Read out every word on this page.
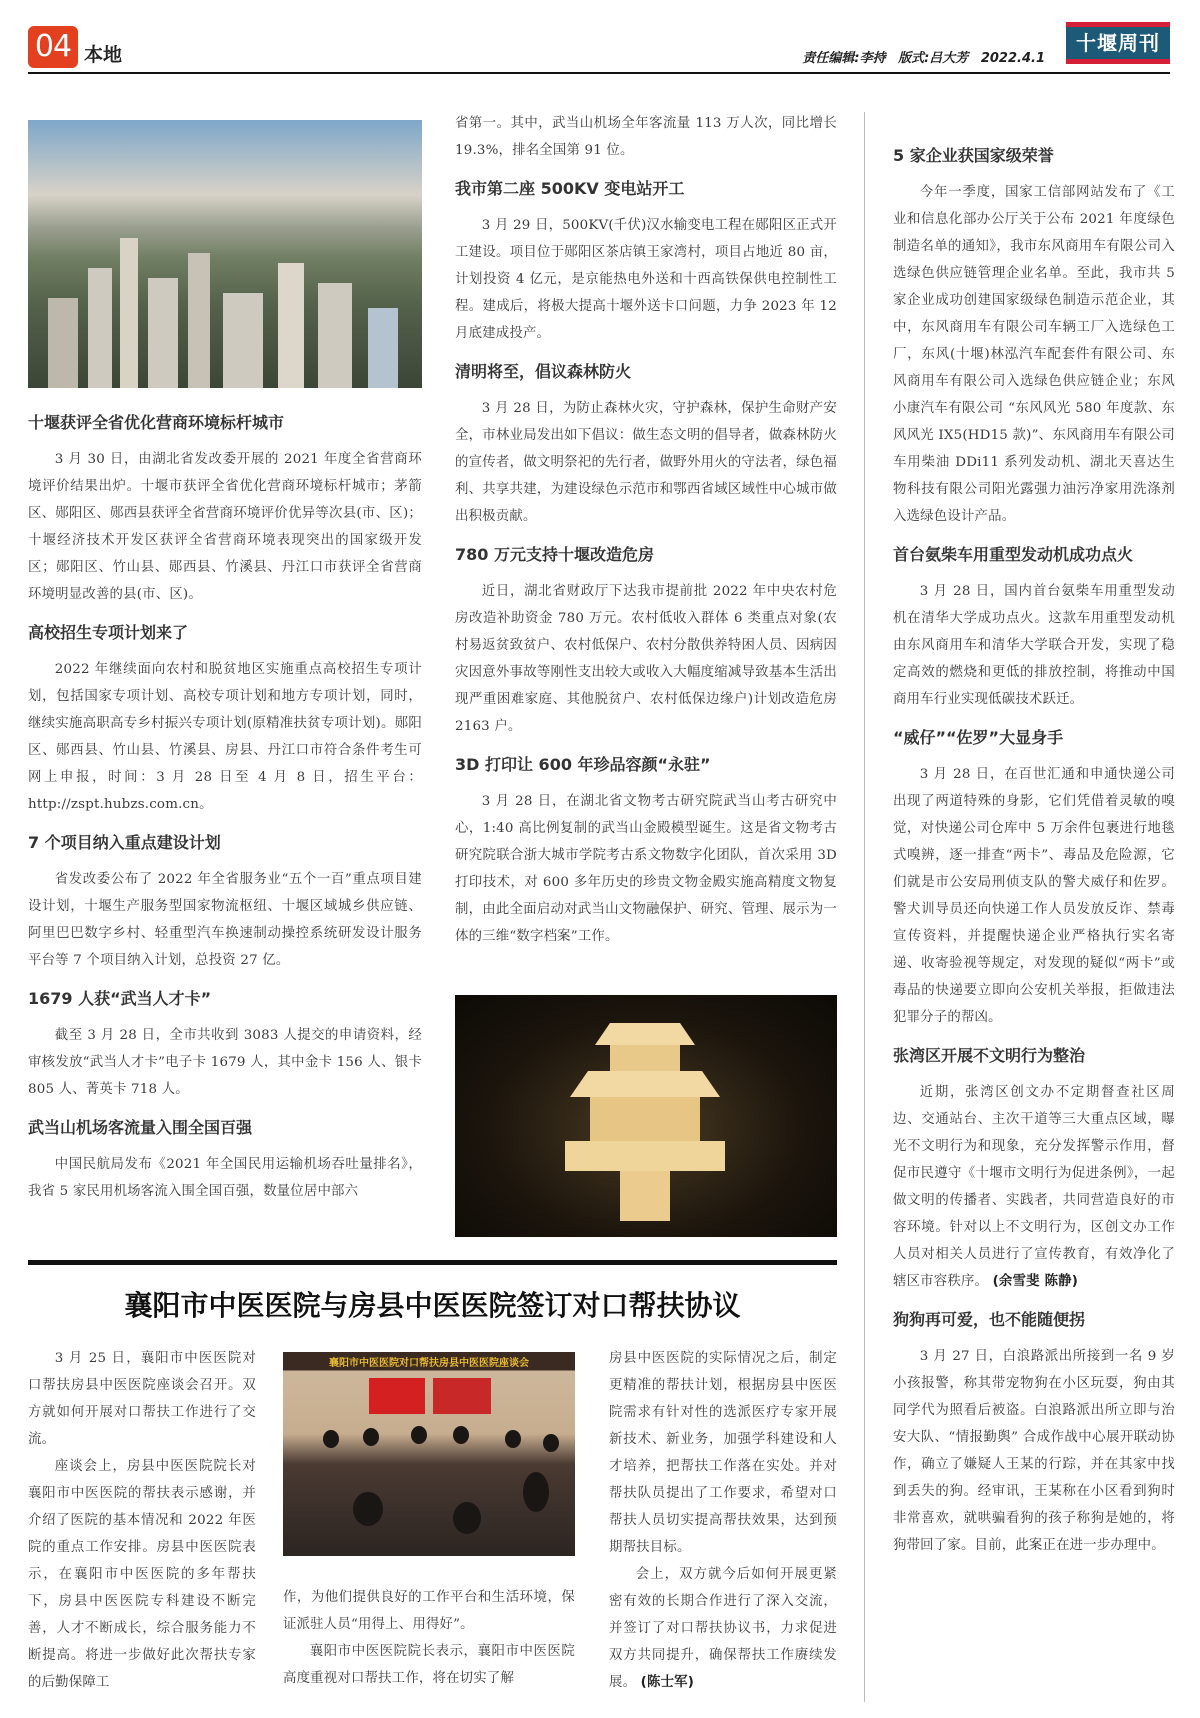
04 本地	责任编辑:李持 版式:吕大芳 2022.4.1
十堰周刊
十堰获评全省优化营商环境标杆城市

3 月 30 日，由湖北省发改委开展的 2021 年度全省营商环境评价结果出炉。十堰市获评全省优化营商环境标杆城市；茅箭区、郧阳区、郧西县获评全省营商环境评价优异等次县(市、区)；十堰经济技术开发区获评全省营商环境表现突出的国家级开发区；郧阳区、竹山县、郧西县、竹溪县、丹江口市获评全省营商环境明显改善的县(市、区)。

高校招生专项计划来了

2022 年继续面向农村和脱贫地区实施重点高校招生专项计划，包括国家专项计划、高校专项计划和地方专项计划，同时，继续实施高职高专乡村振兴专项计划(原精准扶贫专项计划)。郧阳区、郧西县、竹山县、竹溪县、房县、丹江口市符合条件考生可网上申报，时间：3 月 28 日至 4 月 8 日，招生平台：http://zspt.hubzs.com.cn。

7 个项目纳入重点建设计划

省发改委公布了 2022 年全省服务业“五个一百”重点项目建设计划，十堰生产服务型国家物流枢纽、十堰区域城乡供应链、阿里巴巴数字乡村、轻重型汽车换速制动操控系统研发设计服务平台等 7 个项目纳入计划，总投资 27 亿。

1679 人获“武当人才卡”

截至 3 月 28 日，全市共收到 3083 人提交的申请资料，经审核发放“武当人才卡”电子卡 1679 人，其中金卡 156 人、银卡 805 人、菁英卡 718 人。

武当山机场客流量入围全国百强

中国民航局发布《2021 年全国民用运输机场吞吐量排名》，我省 5 家民用机场客流入围全国百强，数量位居中部六

省第一。其中，武当山机场全年客流量 113 万人次，同比增长 19.3%，排名全国第 91 位。

我市第二座 500KV 变电站开工

3 月 29 日，500KV(千伏)汉水输变电工程在郧阳区正式开工建设。项目位于郧阳区茶店镇王家湾村，项目占地近 80 亩，计划投资 4 亿元，是京能热电外送和十西高铁保供电控制性工程。建成后，将极大提高十堰外送卡口问题，力争 2023 年 12 月底建成投产。

清明将至，倡议森林防火

3 月 28 日，为防止森林火灾，守护森林，保护生命财产安全，市林业局发出如下倡议：做生态文明的倡导者，做森林防火的宣传者，做文明祭祀的先行者，做野外用火的守法者，绿色福利、共享共建，为建设绿色示范市和鄂西省域区域性中心城市做出积极贡献。

780 万元支持十堰改造危房

近日，湖北省财政厅下达我市提前批 2022 年中央农村危房改造补助资金 780 万元。农村低收入群体 6 类重点对象(农村易返贫致贫户、农村低保户、农村分散供养特困人员、因病因灾因意外事故等刚性支出较大或收入大幅度缩减导致基本生活出现严重困难家庭、其他脱贫户、农村低保边缘户)计划改造危房 2163 户。

3D 打印让 600 年珍品容颜“永驻”

3 月 28 日，在湖北省文物考古研究院武当山考古研究中心，1:40 高比例复制的武当山金殿模型诞生。这是省文物考古研究院联合浙大城市学院考古系文物数字化团队，首次采用 3D 打印技术，对 600 多年历史的珍贵文物金殿实施高精度文物复制，由此全面启动对武当山文物融保护、研究、管理、展示为一体的三维“数字档案”工作。

5 家企业获国家级荣誉

今年一季度，国家工信部网站发布了《工业和信息化部办公厅关于公布 2021 年度绿色制造名单的通知》，我市东风商用车有限公司入选绿色供应链管理企业名单。至此，我市共 5 家企业成功创建国家级绿色制造示范企业，其中，东风商用车有限公司车辆工厂入选绿色工厂，东风(十堰)林泓汽车配套件有限公司、东风商用车有限公司入选绿色供应链企业；东风小康汽车有限公司 “东风风光 580 年度款、东风风光 IX5(HD15 款)”、东风商用车有限公司车用柴油 DDi11 系列发动机、湖北天喜达生物科技有限公司阳光露强力油污净家用洗涤剂入选绿色设计产品。

首台氨柴车用重型发动机成功点火

3 月 28 日，国内首台氨柴车用重型发动机在清华大学成功点火。这款车用重型发动机由东风商用车和清华大学联合开发，实现了稳定高效的燃烧和更低的排放控制，将推动中国商用车行业实现低碳技术跃迁。

“威仔”“佐罗”大显身手

3 月 28 日，在百世汇通和申通快递公司出现了两道特殊的身影，它们凭借着灵敏的嗅觉，对快递公司仓库中 5 万余件包裹进行地毯式嗅辨，逐一排查“两卡”、毒品及危险源，它们就是市公安局刑侦支队的警犬威仔和佐罗。警犬训导员还向快递工作人员发放反诈、禁毒宣传资料，并提醒快递企业严格执行实名寄递、收寄验视等规定，对发现的疑似“两卡”或毒品的快递要立即向公安机关举报，拒做违法犯罪分子的帮凶。

张湾区开展不文明行为整治

近期，张湾区创文办不定期督查社区周边、交通站台、主次干道等三大重点区域，曝光不文明行为和现象，充分发挥警示作用，督促市民遵守《十堰市文明行为促进条例》，一起做文明的传播者、实践者，共同营造良好的市容环境。针对以上不文明行为，区创文办工作人员对相关人员进行了宣传教育，有效净化了辖区市容秩序。 (余雪斐 陈静)

狗狗再可爱，也不能随便拐

3 月 27 日，白浪路派出所接到一名 9 岁小孩报警，称其带宠物狗在小区玩耍，狗由其同学代为照看后被盗。白浪路派出所立即与治安大队、“情报勤舆” 合成作战中心展开联动协作，确立了嫌疑人王某的行踪，并在其家中找到丢失的狗。经审讯，王某称在小区看到狗时非常喜欢，就哄骗看狗的孩子称狗是她的，将狗带回了家。目前，此案正在进一步办理中。

襄阳市中医医院与房县中医医院签订对口帮扶协议

3 月 25 日，襄阳市中医医院对口帮扶房县中医医院座谈会召开。双方就如何开展对口帮扶工作进行了交流。

座谈会上，房县中医医院院长对襄阳市中医医院的帮扶表示感谢，并介绍了医院的基本情况和 2022 年医院的重点工作安排。房县中医医院表示，在襄阳市中医医院的多年帮扶下，房县中医医院专科建设不断完善，人才不断成长，综合服务能力不断提高。将进一步做好此次帮扶专家的后勤保障工

襄阳市中医医院对口帮扶房县中医医院座谈会

作，为他们提供良好的工作平台和生活环境，保证派驻人员“用得上、用得好”。

襄阳市中医医院院长表示，襄阳市中医医院高度重视对口帮扶工作，将在切实了解

房县中医医院的实际情况之后，制定更精准的帮扶计划，根据房县中医医院需求有针对性的选派医疗专家开展新技术、新业务，加强学科建设和人才培养，把帮扶工作落在实处。并对帮扶队员提出了工作要求，希望对口帮扶人员切实提高帮扶效果，达到预期帮扶目标。

会上，双方就今后如何开展更紧密有效的长期合作进行了深入交流，并签订了对口帮扶协议书，力求促进双方共同提升，确保帮扶工作赓续发展。 (陈士军)
